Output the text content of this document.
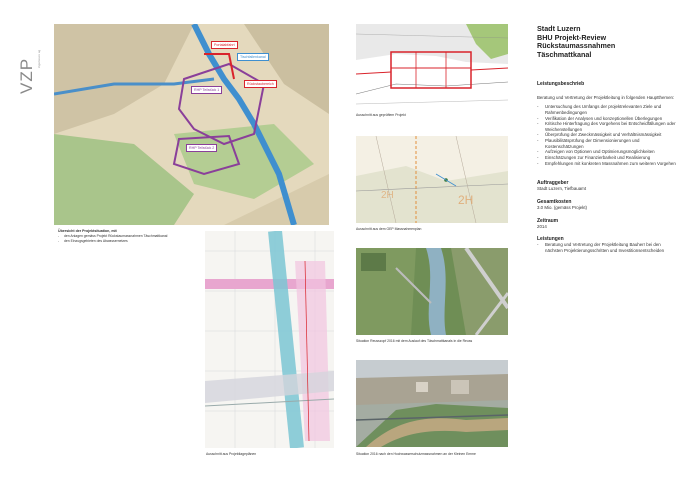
VZP ingenieure ag
Portalabfahrt
Tischfallenkanal
Rückstaubereich
RHP Teilstück 1
RHP Teilstück 2
Übersicht der Projektsituation, mit
- den Anlagen gemäss Projekt Rückstaumassnahmen Täschmattkanal
- den Einzugsgebieten des Abwassernetzes
Ausschnitt aus Projektlageplänen
Ausschnitt aus geprüftem Projekt
2H
2H
Ausschnitt aus dem GEP Massnahmenplan
Situation Reusszopf 2016 mit dem Auslauf des Täschmattkanals in die Reuss
Situation 2016 nach den Hochwasserschutzmassnahmen an der Kleinen Emme
Stadt Luzern
BHU Projekt-Review
Rückstaumassnahmen
Täschmattkanal
Leistungsbeschrieb
Beratung und Vertretung der Projektleitung in folgenden Hauptthemen:
- Untersuchung des Umfangs der projektrelevanten Ziele und Rahmenbedingungen
- Verifikation der Analysen und konzeptionellen Überlegungen
- Kritische Hinterfragung des Vorgehens bei Entscheidfällungen oder Weichenstellungen
- Überprüfung der Zweckmässigkeit und Verhältnismässigkeit
- Plausibilitätsprüfung der Dimensionierungen und Kostenschätzungen
- Aufzeigen von Optionen und Optimierungsmöglichkeiten
- Einschätzungen zur Finanzierbarkeit und Realisierung
- Empfehlungen mit konkreten Massnahmen zum weiteren Vorgehen
Auftraggeber
Stadt Luzern, Tiefbauamt
Gesamtkosten
3.0 Mio. (gemäss Projekt)
Zeitraum
2014
Leistungen
- Beratung und Vertretung der Projektleitung Bauherr bei den nächsten Projektierungsschritten und Investitionsentscheiden
